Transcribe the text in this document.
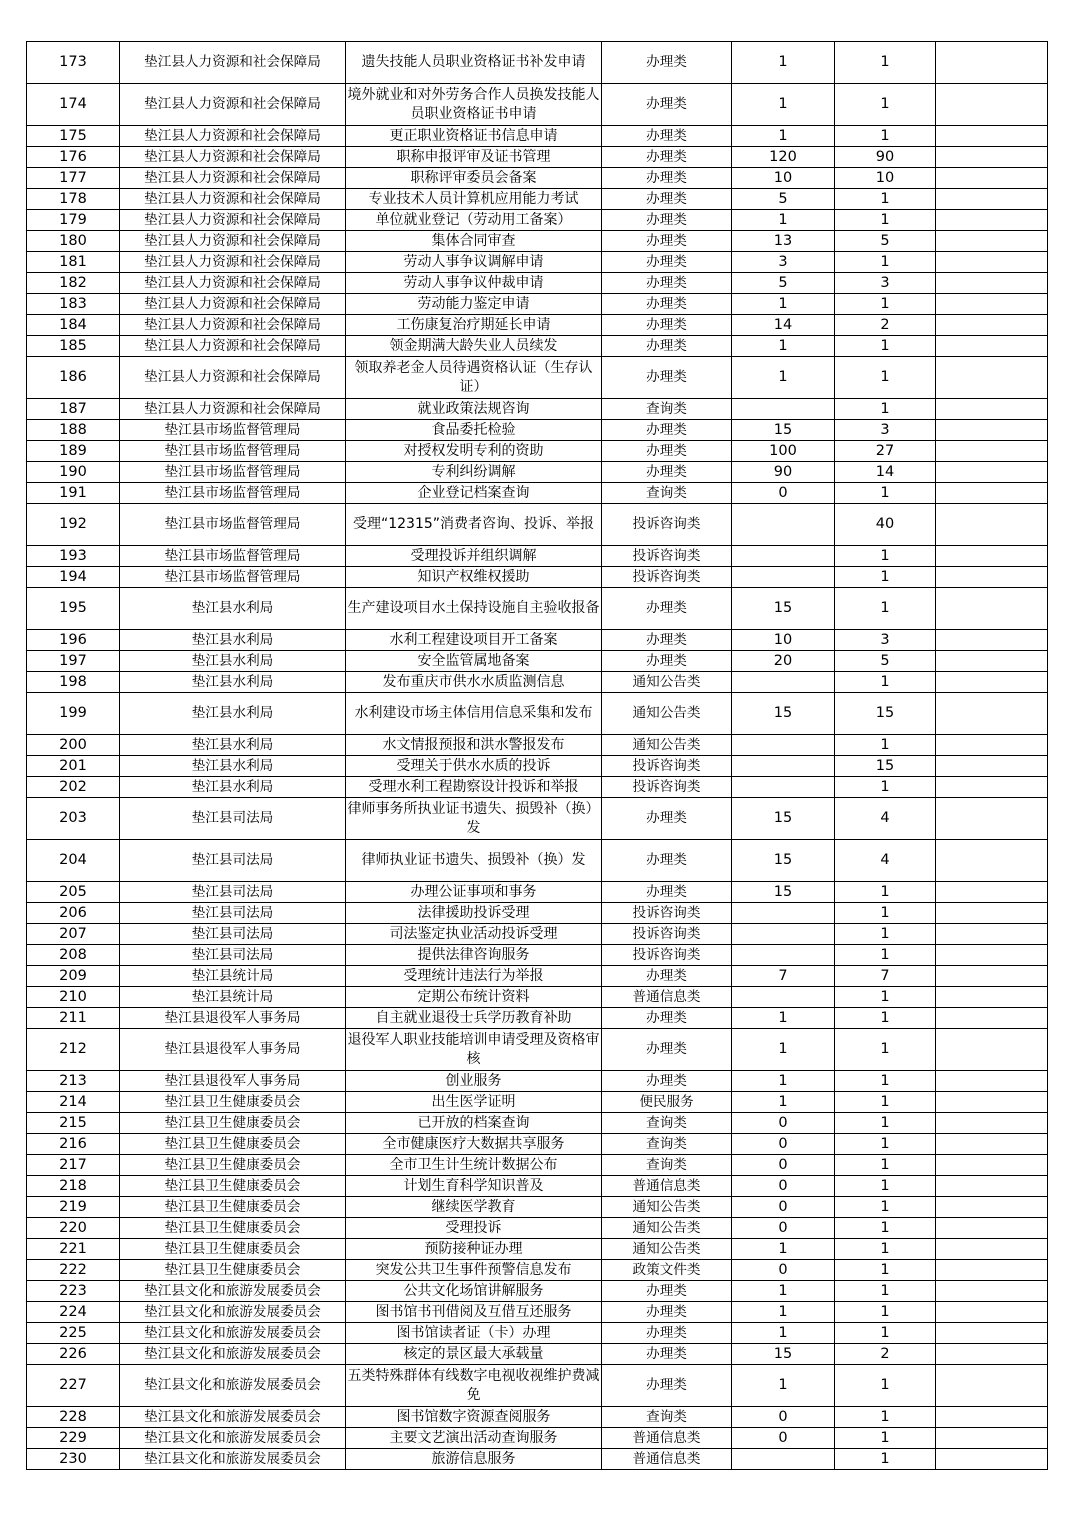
173	垫江县人力资源和社会保障局	遗失技能人员职业资格证书补发申请	办理类	1	1	
174	垫江县人力资源和社会保障局	境外就业和对外劳务合作人员换发技能人员职业资格证书申请	办理类	1	1	
175	垫江县人力资源和社会保障局	更正职业资格证书信息申请	办理类	1	1	
176	垫江县人力资源和社会保障局	职称申报评审及证书管理	办理类	120	90	
177	垫江县人力资源和社会保障局	职称评审委员会备案	办理类	10	10	
178	垫江县人力资源和社会保障局	专业技术人员计算机应用能力考试	办理类	5	1	
179	垫江县人力资源和社会保障局	单位就业登记（劳动用工备案）	办理类	1	1	
180	垫江县人力资源和社会保障局	集体合同审查	办理类	13	5	
181	垫江县人力资源和社会保障局	劳动人事争议调解申请	办理类	3	1	
182	垫江县人力资源和社会保障局	劳动人事争议仲裁申请	办理类	5	3	
183	垫江县人力资源和社会保障局	劳动能力鉴定申请	办理类	1	1	
184	垫江县人力资源和社会保障局	工伤康复治疗期延长申请	办理类	14	2	
185	垫江县人力资源和社会保障局	领金期满大龄失业人员续发	办理类	1	1	
186	垫江县人力资源和社会保障局	领取养老金人员待遇资格认证（生存认证）	办理类	1	1	
187	垫江县人力资源和社会保障局	就业政策法规咨询	查询类		1	
188	垫江县市场监督管理局	食品委托检验	办理类	15	3	
189	垫江县市场监督管理局	对授权发明专利的资助	办理类	100	27	
190	垫江县市场监督管理局	专利纠纷调解	办理类	90	14	
191	垫江县市场监督管理局	企业登记档案查询	查询类	0	1	
192	垫江县市场监督管理局	受理“12315”消费者咨询、投诉、举报	投诉咨询类		40	
193	垫江县市场监督管理局	受理投诉并组织调解	投诉咨询类		1	
194	垫江县市场监督管理局	知识产权维权援助	投诉咨询类		1	
195	垫江县水利局	生产建设项目水土保持设施自主验收报备	办理类	15	1	
196	垫江县水利局	水利工程建设项目开工备案	办理类	10	3	
197	垫江县水利局	安全监管属地备案	办理类	20	5	
198	垫江县水利局	发布重庆市供水水质监测信息	通知公告类		1	
199	垫江县水利局	水利建设市场主体信用信息采集和发布	通知公告类	15	15	
200	垫江县水利局	水文情报预报和洪水警报发布	通知公告类		1	
201	垫江县水利局	受理关于供水水质的投诉	投诉咨询类		15	
202	垫江县水利局	受理水利工程勘察设计投诉和举报	投诉咨询类		1	
203	垫江县司法局	律师事务所执业证书遗失、损毁补（换）发	办理类	15	4	
204	垫江县司法局	律师执业证书遗失、损毁补（换）发	办理类	15	4	
205	垫江县司法局	办理公证事项和事务	办理类	15	1	
206	垫江县司法局	法律援助投诉受理	投诉咨询类		1	
207	垫江县司法局	司法鉴定执业活动投诉受理	投诉咨询类		1	
208	垫江县司法局	提供法律咨询服务	投诉咨询类		1	
209	垫江县统计局	受理统计违法行为举报	办理类	7	7	
210	垫江县统计局	定期公布统计资料	普通信息类		1	
211	垫江县退役军人事务局	自主就业退役士兵学历教育补助	办理类	1	1	
212	垫江县退役军人事务局	退役军人职业技能培训申请受理及资格审核	办理类	1	1	
213	垫江县退役军人事务局	创业服务	办理类	1	1	
214	垫江县卫生健康委员会	出生医学证明	便民服务	1	1	
215	垫江县卫生健康委员会	已开放的档案查询	查询类	0	1	
216	垫江县卫生健康委员会	全市健康医疗大数据共享服务	查询类	0	1	
217	垫江县卫生健康委员会	全市卫生计生统计数据公布	查询类	0	1	
218	垫江县卫生健康委员会	计划生育科学知识普及	普通信息类	0	1	
219	垫江县卫生健康委员会	继续医学教育	通知公告类	0	1	
220	垫江县卫生健康委员会	受理投诉	通知公告类	0	1	
221	垫江县卫生健康委员会	预防接种证办理	通知公告类	1	1	
222	垫江县卫生健康委员会	突发公共卫生事件预警信息发布	政策文件类	0	1	
223	垫江县文化和旅游发展委员会	公共文化场馆讲解服务	办理类	1	1	
224	垫江县文化和旅游发展委员会	图书馆书刊借阅及互借互还服务	办理类	1	1	
225	垫江县文化和旅游发展委员会	图书馆读者证（卡）办理	办理类	1	1	
226	垫江县文化和旅游发展委员会	核定的景区最大承载量	办理类	15	2	
227	垫江县文化和旅游发展委员会	五类特殊群体有线数字电视收视维护费减免	办理类	1	1	
228	垫江县文化和旅游发展委员会	图书馆数字资源查阅服务	查询类	0	1	
229	垫江县文化和旅游发展委员会	主要文艺演出活动查询服务	普通信息类	0	1	
230	垫江县文化和旅游发展委员会	旅游信息服务	普通信息类		1	
